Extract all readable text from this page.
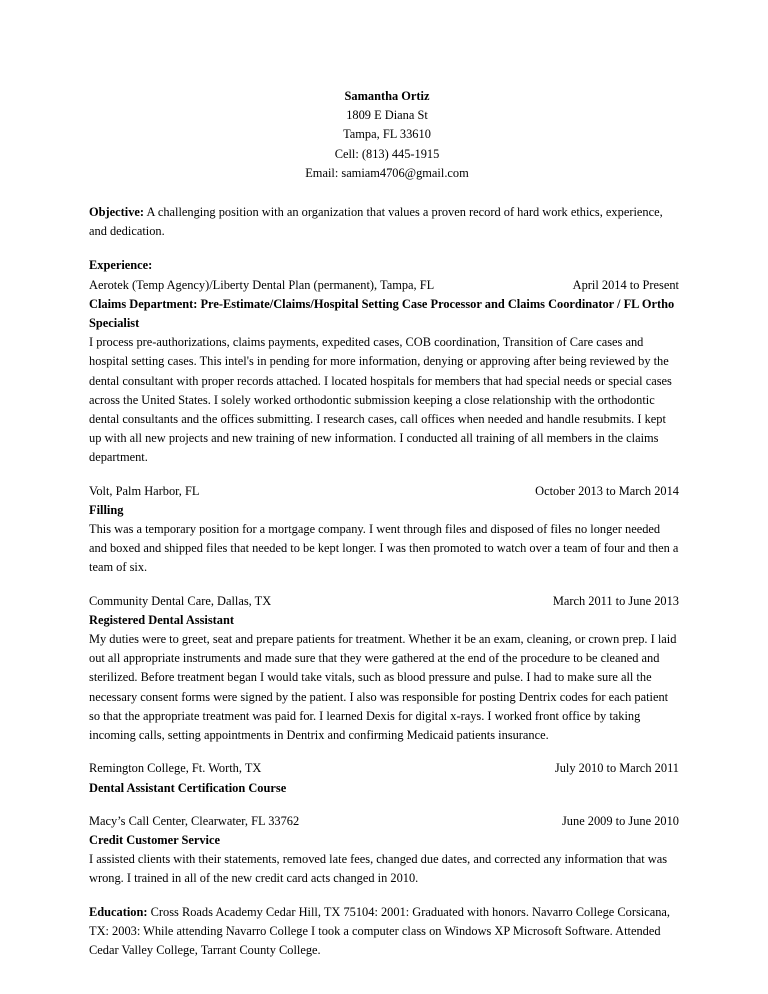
Samantha Ortiz
1809 E Diana St
Tampa, FL 33610
Cell: (813) 445-1915
Email: samiam4706@gmail.com
Objective: A challenging position with an organization that values a proven record of hard work ethics, experience, and dedication.
Experience:
Aerotek (Temp Agency)/Liberty Dental Plan (permanent), Tampa, FL	April 2014 to Present
Claims Department: Pre-Estimate/Claims/Hospital Setting Case Processor and Claims Coordinator / FL Ortho Specialist
I process pre-authorizations, claims payments, expedited cases, COB coordination, Transition of Care cases and hospital setting cases. This intel's in pending for more information, denying or approving after being reviewed by the dental consultant with proper records attached. I located hospitals for members that had special needs or special cases across the United States. I solely worked orthodontic submission keeping a close relationship with the orthodontic dental consultants and the offices submitting. I research cases, call offices when needed and handle resubmits. I kept up with all new projects and new training of new information. I conducted all training of all members in the claims department.
Volt, Palm Harbor, FL	October 2013 to March 2014
Filling
This was a temporary position for a mortgage company. I went through files and disposed of files no longer needed and boxed and shipped files that needed to be kept longer. I was then promoted to watch over a team of four and then a team of six.
Community Dental Care, Dallas, TX	March 2011 to June 2013
Registered Dental Assistant
My duties were to greet, seat and prepare patients for treatment. Whether it be an exam, cleaning, or crown prep. I laid out all appropriate instruments and made sure that they were gathered at the end of the procedure to be cleaned and sterilized. Before treatment began I would take vitals, such as blood pressure and pulse. I had to make sure all the necessary consent forms were signed by the patient. I also was responsible for posting Dentrix codes for each patient so that the appropriate treatment was paid for. I learned Dexis for digital x-rays. I worked front office by taking incoming calls, setting appointments in Dentrix and confirming Medicaid patients insurance.
Remington College, Ft. Worth, TX	July 2010 to March 2011
Dental Assistant Certification Course
Macy’s Call Center, Clearwater, FL 33762	June 2009 to June 2010
Credit Customer Service
I assisted clients with their statements, removed late fees, changed due dates, and corrected any information that was wrong. I trained in all of the new credit card acts changed in 2010.
Education: Cross Roads Academy Cedar Hill, TX 75104: 2001: Graduated with honors. Navarro College Corsicana, TX: 2003: While attending Navarro College I took a computer class on Windows XP Microsoft Software. Attended Cedar Valley College, Tarrant County College.
